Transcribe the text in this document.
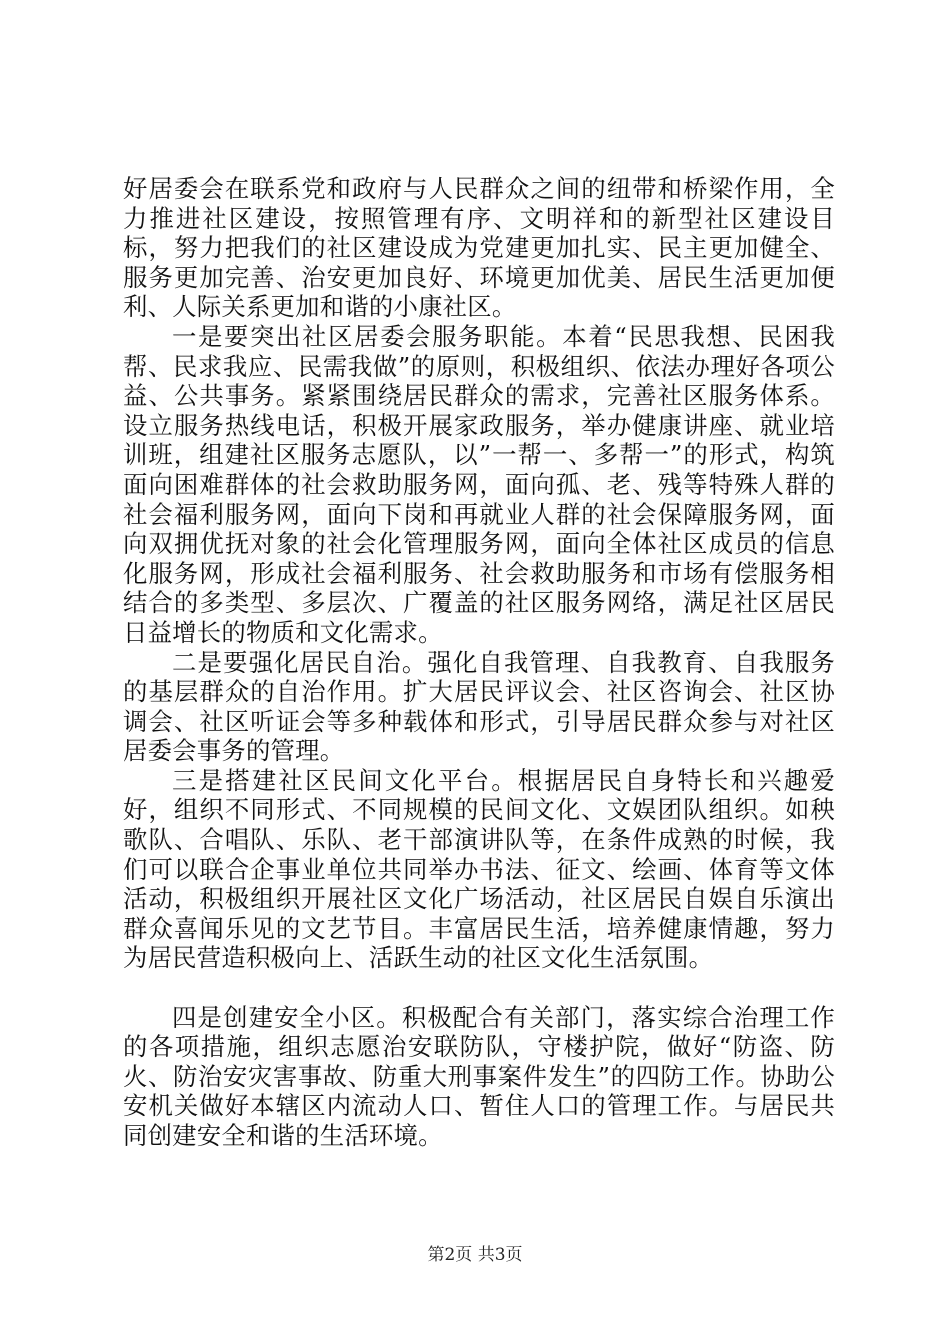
好居委会在联系党和政府与人民群众之间的纽带和桥梁作用，全力推进社区建设，按照管理有序、文明祥和的新型社区建设目标，努力把我们的社区建设成为党建更加扎实、民主更加健全、服务更加完善、治安更加良好、环境更加优美、居民生活更加便利、人际关系更加和谐的小康社区。

一是要突出社区居委会服务职能。本着“民思我想、民困我帮、民求我应、民需我做”的原则，积极组织、依法办理好各项公益、公共事务。紧紧围绕居民群众的需求，完善社区服务体系。设立服务热线电话，积极开展家政服务，举办健康讲座、就业培训班，组建社区服务志愿队，以”一帮一、多帮一”的形式，构筑面向困难群体的社会救助服务网，面向孤、老、残等特殊人群的社会福利服务网，面向下岗和再就业人群的社会保障服务网，面向双拥优抚对象的社会化管理服务网，面向全体社区成员的信息化服务网，形成社会福利服务、社会救助服务和市场有偿服务相结合的多类型、多层次、广覆盖的社区服务网络，满足社区居民日益增长的物质和文化需求。

二是要强化居民自治。强化自我管理、自我教育、自我服务的基层群众的自治作用。扩大居民评议会、社区咨询会、社区协调会、社区听证会等多种载体和形式，引导居民群众参与对社区居委会事务的管理。

三是搭建社区民间文化平台。根据居民自身特长和兴趣爱好，组织不同形式、不同规模的民间文化、文娱团队组织。如秧歌队、合唱队、乐队、老干部演讲队等，在条件成熟的时候，我们可以联合企事业单位共同举办书法、征文、绘画、体育等文体活动，积极组织开展社区文化广场活动，社区居民自娱自乐演出群众喜闻乐见的文艺节目。丰富居民生活，培养健康情趣，努力为居民营造积极向上、活跃生动的社区文化生活氛围。

四是创建安全小区。积极配合有关部门，落实综合治理工作的各项措施，组织志愿治安联防队，守楼护院，做好“防盗、防火、防治安灾害事故、防重大刑事案件发生”的四防工作。协助公安机关做好本辖区内流动人口、暂住人口的管理工作。与居民共同创建安全和谐的生活环境。

第2页 共3页
